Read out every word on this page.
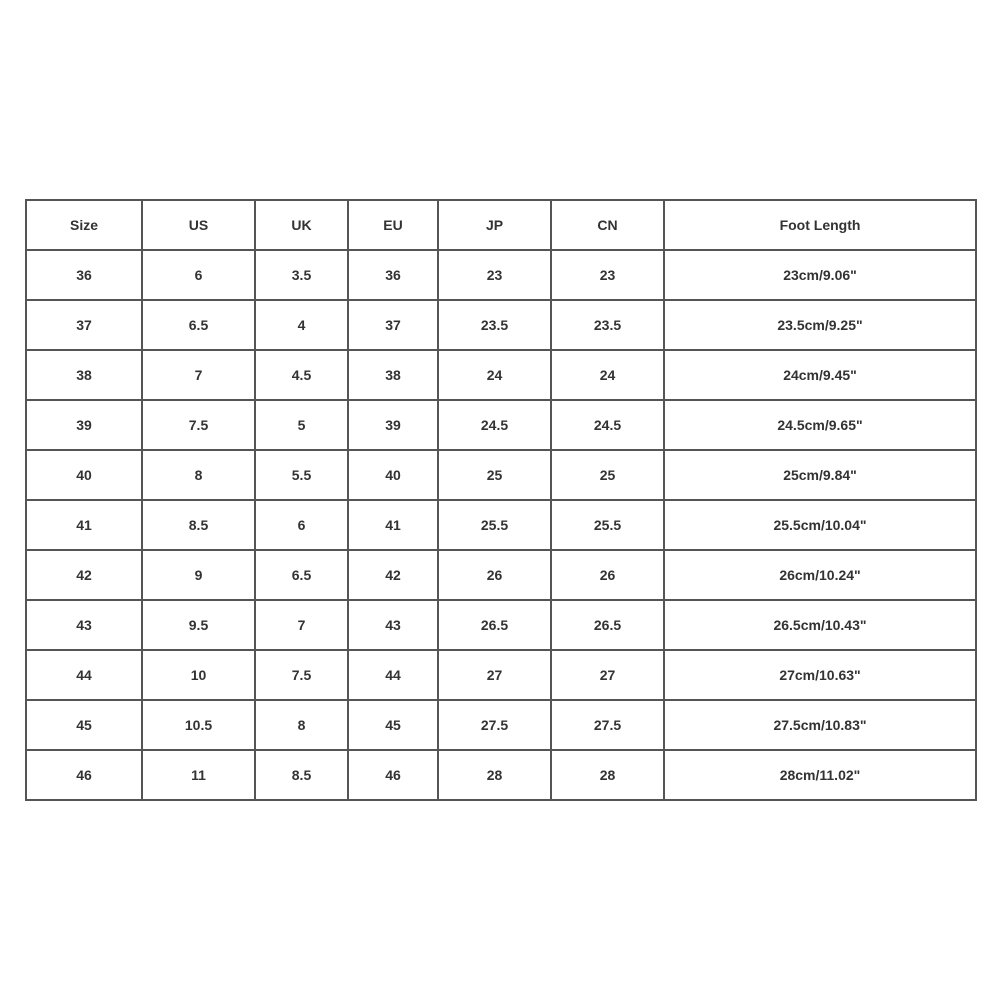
Size	US	UK	EU	JP	CN	Foot Length
36	6	3.5	36	23	23	23cm/9.06"
37	6.5	4	37	23.5	23.5	23.5cm/9.25"
38	7	4.5	38	24	24	24cm/9.45"
39	7.5	5	39	24.5	24.5	24.5cm/9.65"
40	8	5.5	40	25	25	25cm/9.84"
41	8.5	6	41	25.5	25.5	25.5cm/10.04"
42	9	6.5	42	26	26	26cm/10.24"
43	9.5	7	43	26.5	26.5	26.5cm/10.43"
44	10	7.5	44	27	27	27cm/10.63"
45	10.5	8	45	27.5	27.5	27.5cm/10.83"
46	11	8.5	46	28	28	28cm/11.02"
